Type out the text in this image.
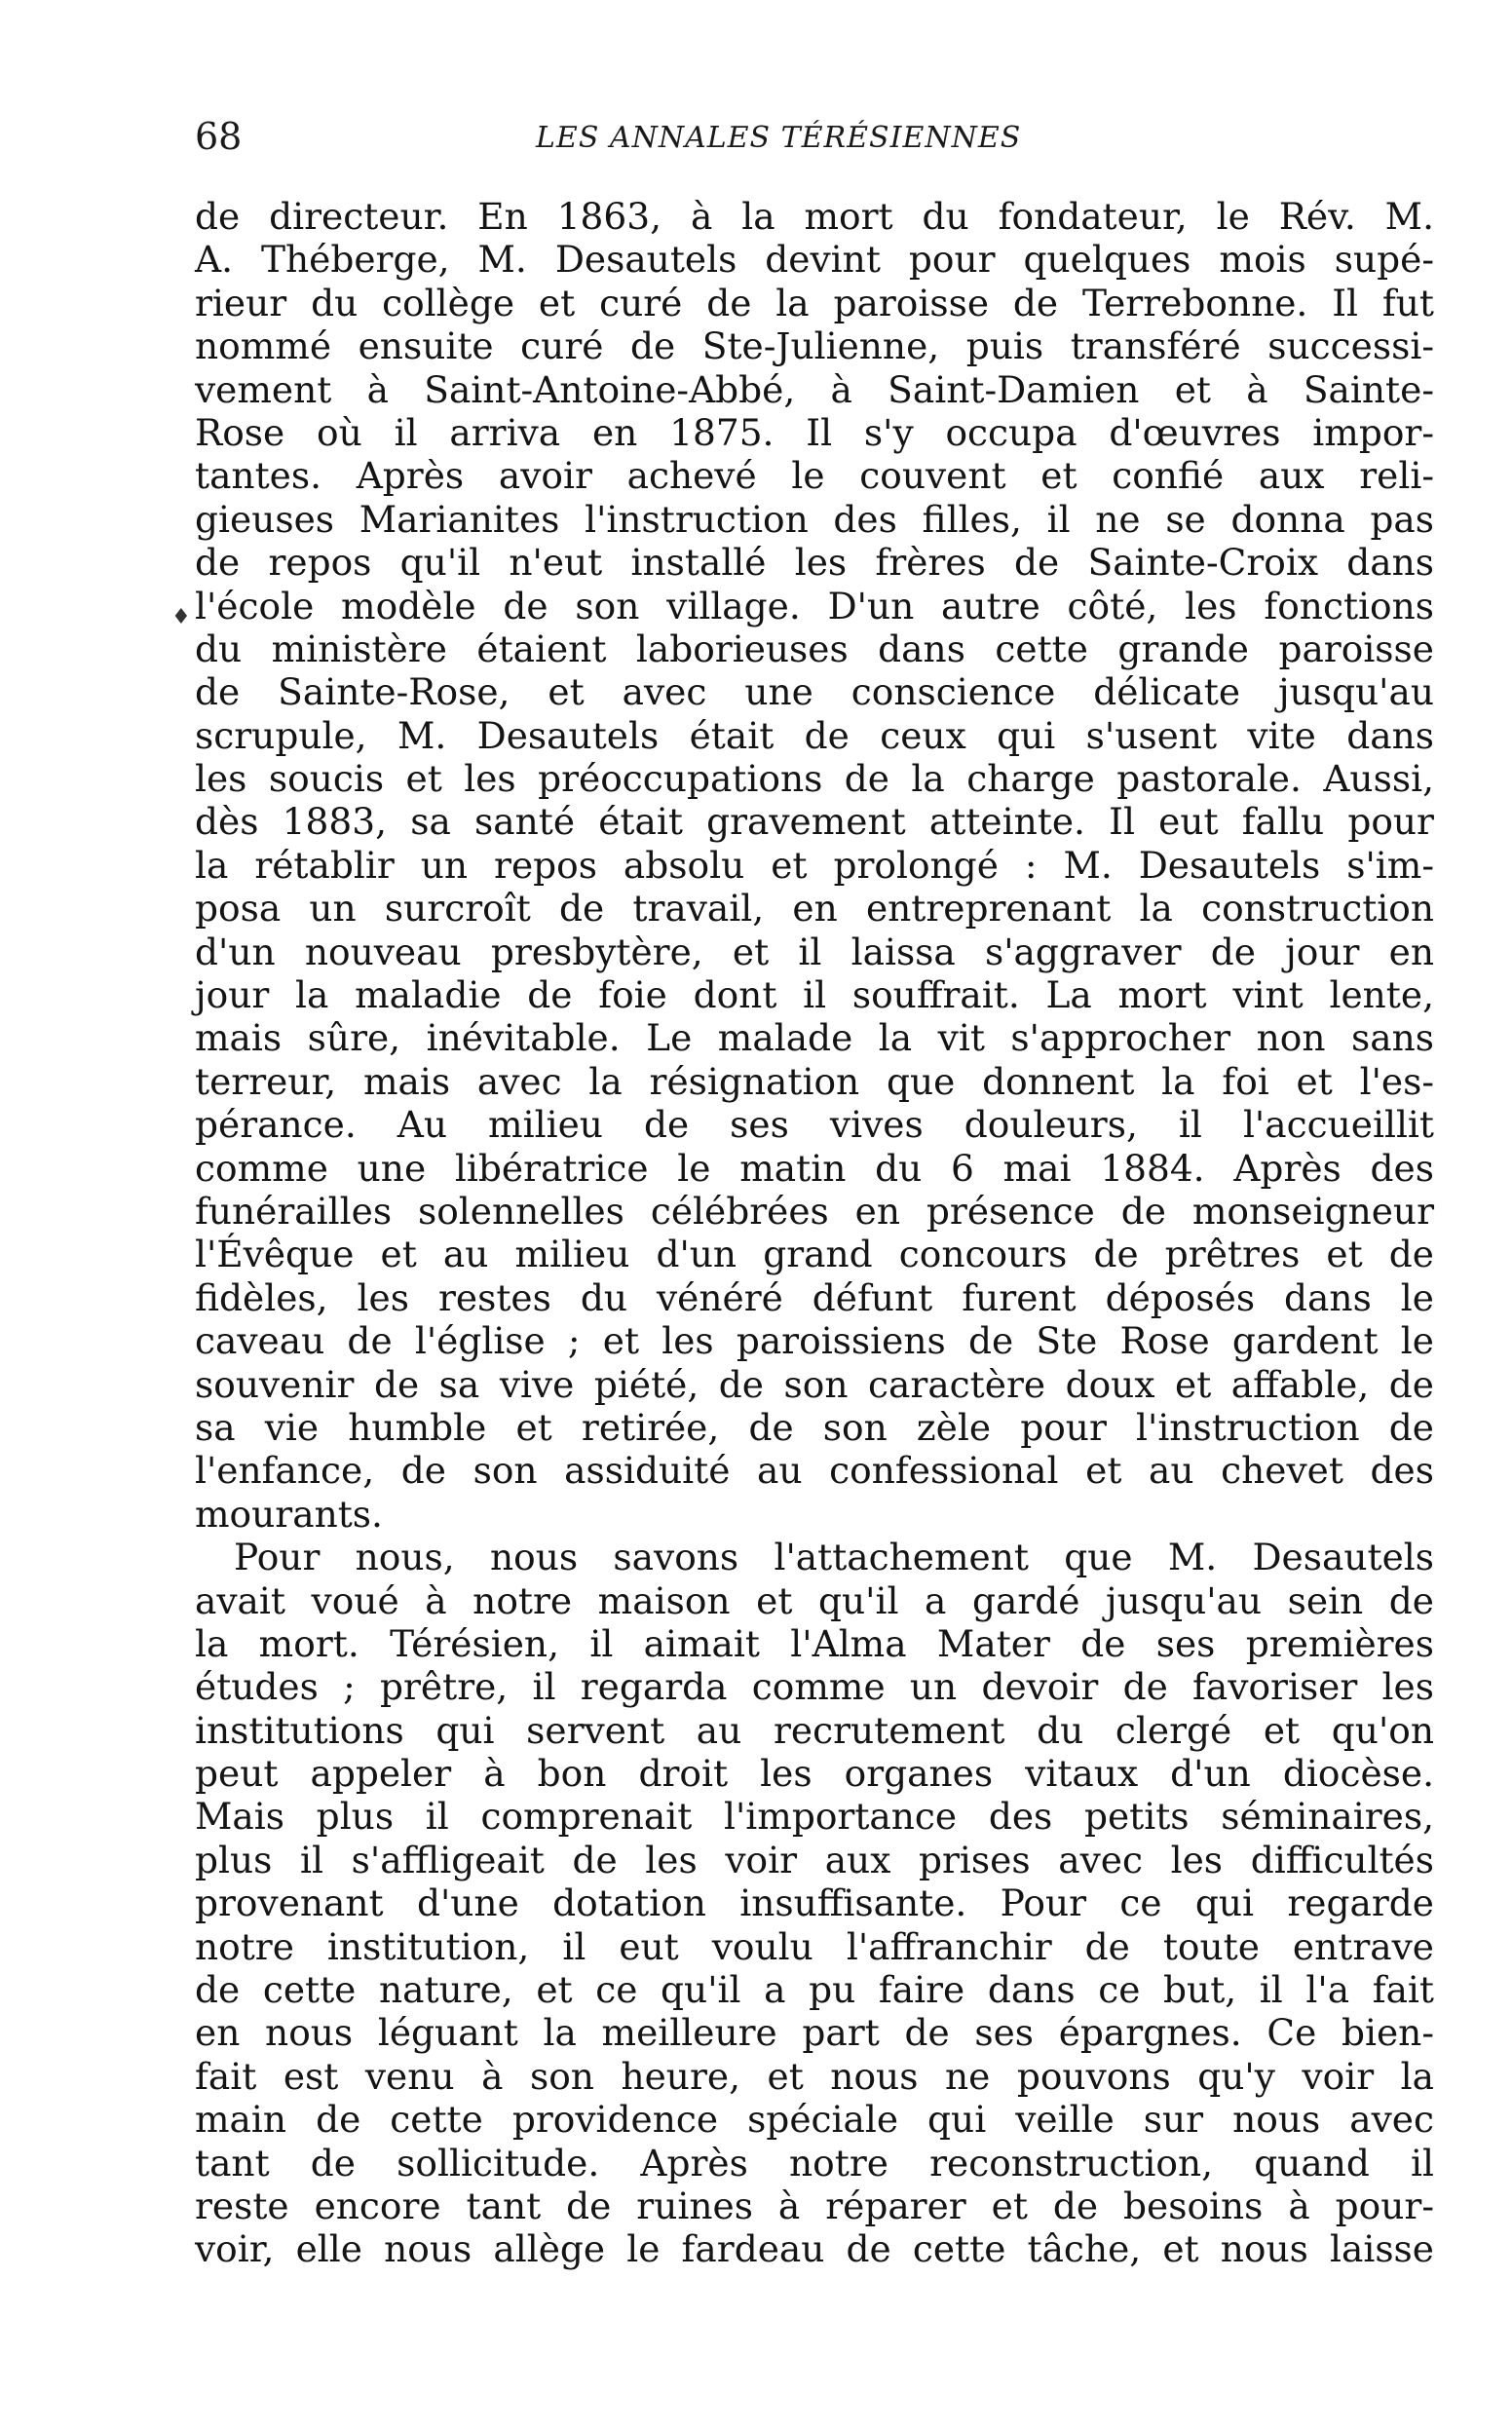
68	LES ANNALES TÉRÉSIENNES
♦
de directeur. En 1863, à la mort du fondateur, le Rév. M.
A. Théberge, M. Desautels devint pour quelques mois supé-
rieur du collège et curé de la paroisse de Terrebonne. Il fut
nommé ensuite curé de Ste-Julienne, puis transféré successi-
vement à Saint-Antoine-Abbé, à Saint-Damien et à Sainte-
Rose où il arriva en 1875. Il s'y occupa d'œuvres impor-
tantes. Après avoir achevé le couvent et confié aux reli-
gieuses Marianites l'instruction des filles, il ne se donna pas
de repos qu'il n'eut installé les frères de Sainte-Croix dans
l'école modèle de son village. D'un autre côté, les fonctions
du ministère étaient laborieuses dans cette grande paroisse
de Sainte-Rose, et avec une conscience délicate jusqu'au
scrupule, M. Desautels était de ceux qui s'usent vite dans
les soucis et les préoccupations de la charge pastorale. Aussi,
dès 1883, sa santé était gravement atteinte. Il eut fallu pour
la rétablir un repos absolu et prolongé : M. Desautels s'im-
posa un surcroît de travail, en entreprenant la construction
d'un nouveau presbytère, et il laissa s'aggraver de jour en
jour la maladie de foie dont il souffrait. La mort vint lente,
mais sûre, inévitable. Le malade la vit s'approcher non sans
terreur, mais avec la résignation que donnent la foi et l'es-
pérance. Au milieu de ses vives douleurs, il l'accueillit
comme une libératrice le matin du 6 mai 1884. Après des
funérailles solennelles célébrées en présence de monseigneur
l'Évêque et au milieu d'un grand concours de prêtres et de
fidèles, les restes du vénéré défunt furent déposés dans le
caveau de l'église ; et les paroissiens de Ste Rose gardent le
souvenir de sa vive piété, de son caractère doux et affable, de
sa vie humble et retirée, de son zèle pour l'instruction de
l'enfance, de son assiduité au confessional et au chevet des
mourants.
Pour nous, nous savons l'attachement que M. Desautels
avait voué à notre maison et qu'il a gardé jusqu'au sein de
la mort. Térésien, il aimait l'Alma Mater de ses premières
études ; prêtre, il regarda comme un devoir de favoriser les
institutions qui servent au recrutement du clergé et qu'on
peut appeler à bon droit les organes vitaux d'un diocèse.
Mais plus il comprenait l'importance des petits séminaires,
plus il s'affligeait de les voir aux prises avec les difficultés
provenant d'une dotation insuffisante. Pour ce qui regarde
notre institution, il eut voulu l'affranchir de toute entrave
de cette nature, et ce qu'il a pu faire dans ce but, il l'a fait
en nous léguant la meilleure part de ses épargnes. Ce bien-
fait est venu à son heure, et nous ne pouvons qu'y voir la
main de cette providence spéciale qui veille sur nous avec
tant de sollicitude. Après notre reconstruction, quand il
reste encore tant de ruines à réparer et de besoins à pour-
voir, elle nous allège le fardeau de cette tâche, et nous laisse
